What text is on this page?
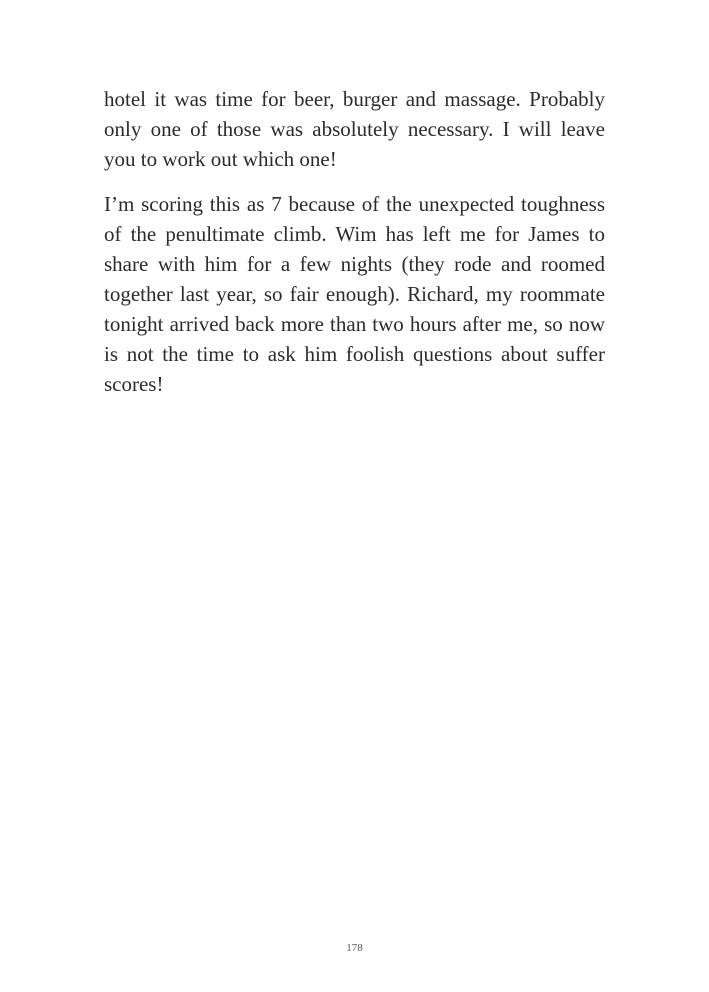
hotel it was time for beer, burger and massage. Probably only one of those was absolutely necessary. I will leave you to work out which one!

I’m scoring this as 7 because of the unexpected toughness of the penultimate climb. Wim has left me for James to share with him for a few nights (they rode and roomed together last year, so fair enough). Richard, my roommate tonight arrived back more than two hours after me, so now is not the time to ask him foolish questions about suffer scores!

178
